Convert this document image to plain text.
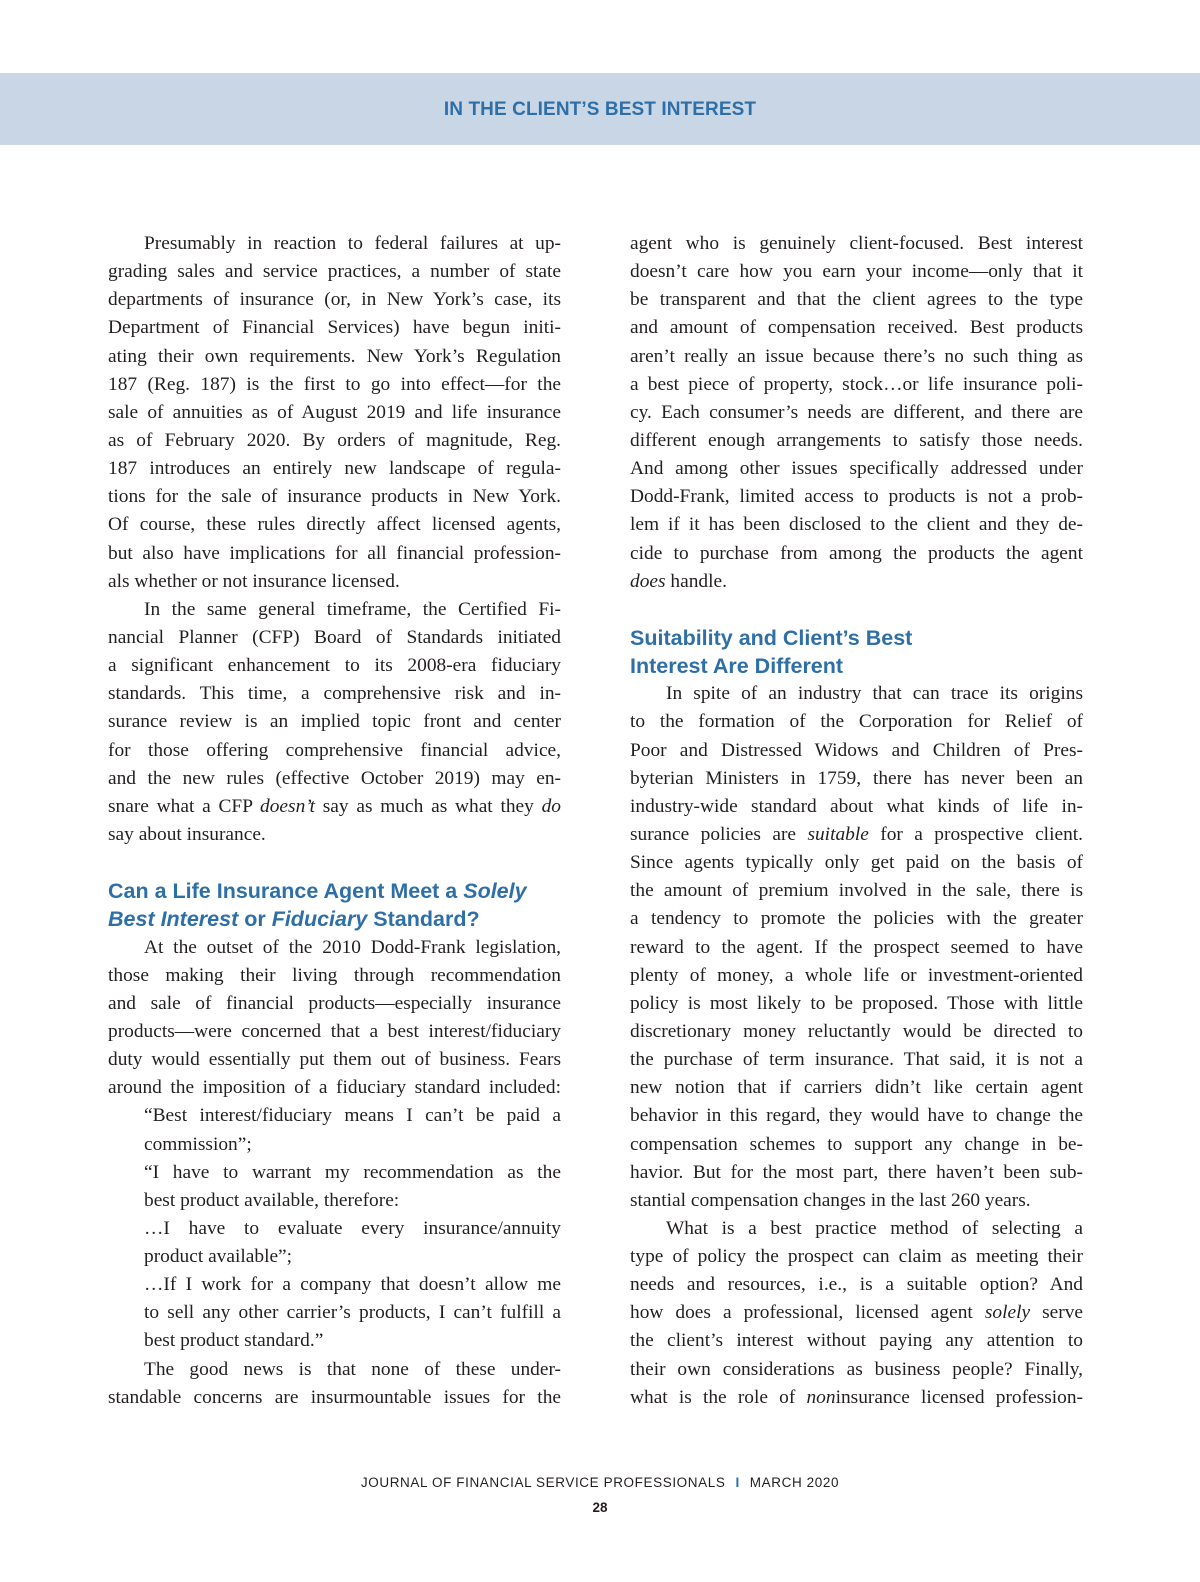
IN THE CLIENT’S BEST INTEREST
Presumably in reaction to federal failures at up-
grading sales and service practices, a number of state
departments of insurance (or, in New York’s case, its
Department of Financial Services) have begun initi-
ating their own requirements. New York’s Regulation
187 (Reg. 187) is the first to go into effect—for the
sale of annuities as of August 2019 and life insurance
as of February 2020. By orders of magnitude, Reg.
187 introduces an entirely new landscape of regula-
tions for the sale of insurance products in New York.
Of course, these rules directly affect licensed agents,
but also have implications for all financial profession-
als whether or not insurance licensed.
In the same general timeframe, the Certified Fi-
nancial Planner (CFP) Board of Standards initiated
a significant enhancement to its 2008-era fiduciary
standards. This time, a comprehensive risk and in-
surance review is an implied topic front and center
for those offering comprehensive financial advice,
and the new rules (effective October 2019) may en-
snare what a CFP doesn’t say as much as what they do
say about insurance.
Can a Life Insurance Agent Meet a Solely
Best Interest or Fiduciary Standard?
At the outset of the 2010 Dodd-Frank legislation,
those making their living through recommendation
and sale of financial products—especially insurance
products—were concerned that a best interest/fiduciary
duty would essentially put them out of business. Fears
around the imposition of a fiduciary standard included:
“Best interest/fiduciary means I can’t be paid a
commission”;
“I have to warrant my recommendation as the
best product available, therefore:
…I have to evaluate every insurance/annuity
product available”;
…If I work for a company that doesn’t allow me
to sell any other carrier’s products, I can’t fulfill a
best product standard.”
The good news is that none of these under-
standable concerns are insurmountable issues for the
agent who is genuinely client-focused. Best interest
doesn’t care how you earn your income—only that it
be transparent and that the client agrees to the type
and amount of compensation received. Best products
aren’t really an issue because there’s no such thing as
a best piece of property, stock…or life insurance poli-
cy. Each consumer’s needs are different, and there are
different enough arrangements to satisfy those needs.
And among other issues specifically addressed under
Dodd-Frank, limited access to products is not a prob-
lem if it has been disclosed to the client and they de-
cide to purchase from among the products the agent
does handle.
Suitability and Client’s Best
Interest Are Different
In spite of an industry that can trace its origins
to the formation of the Corporation for Relief of
Poor and Distressed Widows and Children of Pres-
byterian Ministers in 1759, there has never been an
industry-wide standard about what kinds of life in-
surance policies are suitable for a prospective client.
Since agents typically only get paid on the basis of
the amount of premium involved in the sale, there is
a tendency to promote the policies with the greater
reward to the agent. If the prospect seemed to have
plenty of money, a whole life or investment-oriented
policy is most likely to be proposed. Those with little
discretionary money reluctantly would be directed to
the purchase of term insurance. That said, it is not a
new notion that if carriers didn’t like certain agent
behavior in this regard, they would have to change the
compensation schemes to support any change in be-
havior. But for the most part, there haven’t been sub-
stantial compensation changes in the last 260 years.
What is a best practice method of selecting a
type of policy the prospect can claim as meeting their
needs and resources, i.e., is a suitable option? And
how does a professional, licensed agent solely serve
the client’s interest without paying any attention to
their own considerations as business people? Finally,
what is the role of noninsurance licensed profession-
JOURNAL OF FINANCIAL SERVICE PROFESSIONALS I MARCH 2020
28
